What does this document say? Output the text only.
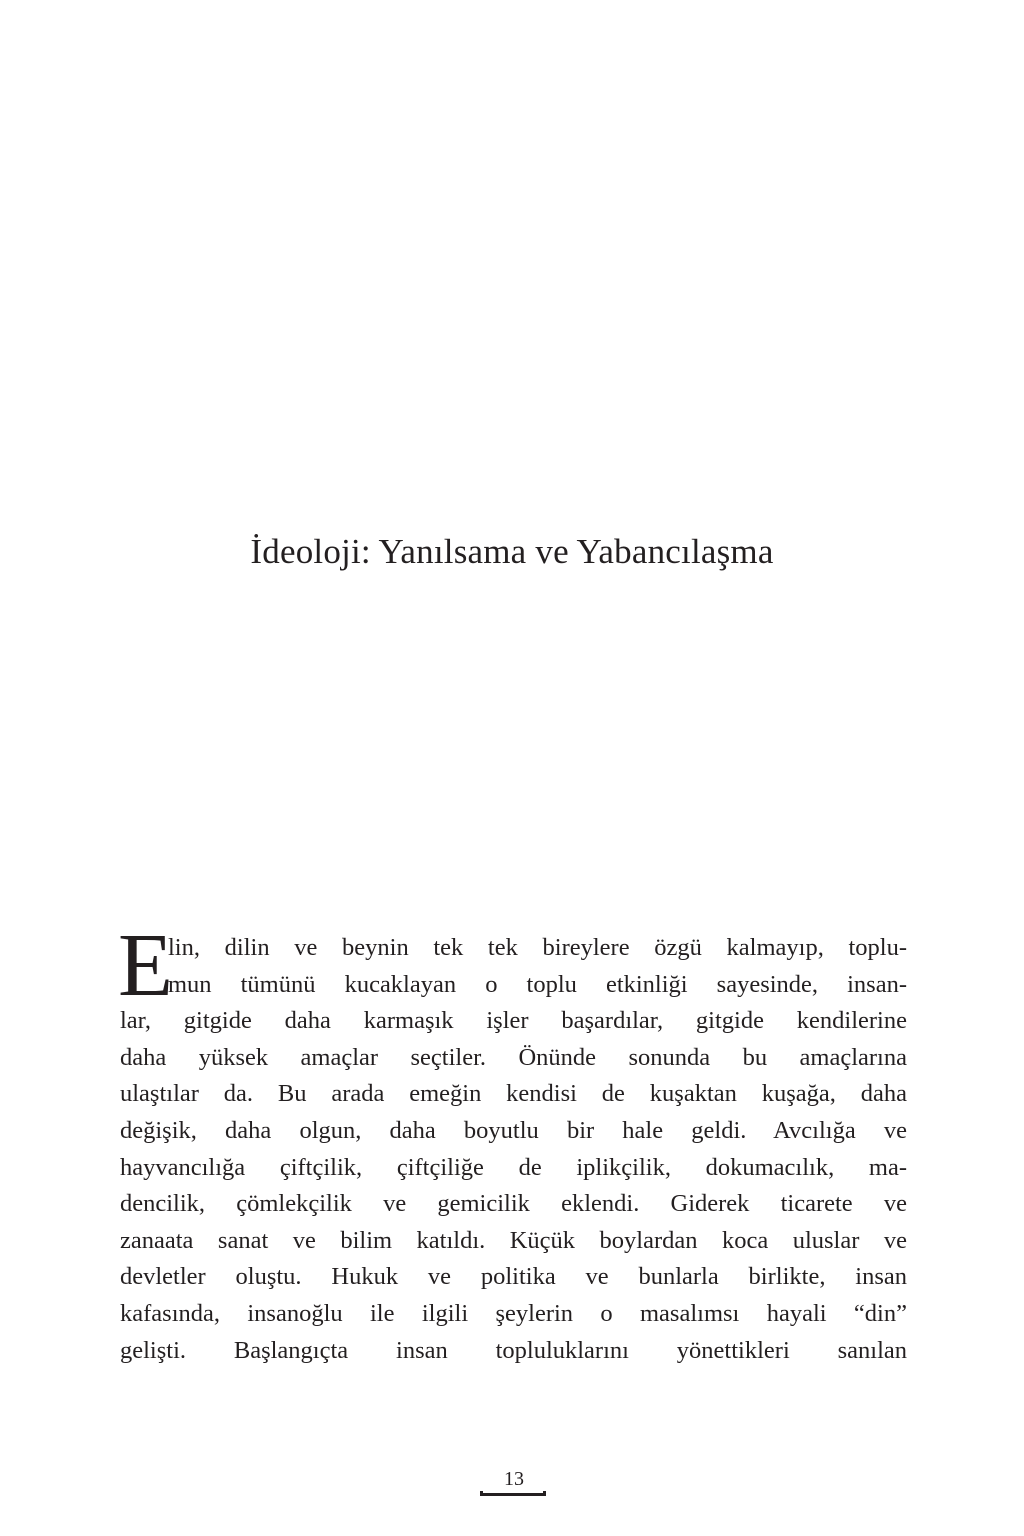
İdeoloji: Yanılsama ve Yabancılaşma
E
lin, dilin ve beynin tek tek bireylere özgü kalmayıp, toplu-
mun tümünü kucaklayan o toplu etkinliği sayesinde, insan-
lar, gitgide daha karmaşık işler başardılar, gitgide kendilerine
daha yüksek amaçlar seçtiler. Önünde sonunda bu amaçlarına
ulaştılar da. Bu arada emeğin kendisi de kuşaktan kuşağa, daha
değişik, daha olgun, daha boyutlu bir hale geldi. Avcılığa ve
hayvancılığa çiftçilik, çiftçiliğe de iplikçilik, dokumacılık, ma-
dencilik, çömlekçilik ve gemicilik eklendi. Giderek ticarete ve
zanaata sanat ve bilim katıldı. Küçük boylardan koca uluslar ve
devletler oluştu. Hukuk ve politika ve bunlarla birlikte, insan
kafasında, insanoğlu ile ilgili şeylerin o masalımsı hayali “din”
gelişti. Başlangıçta insan topluluklarını yönettikleri sanılan
13
